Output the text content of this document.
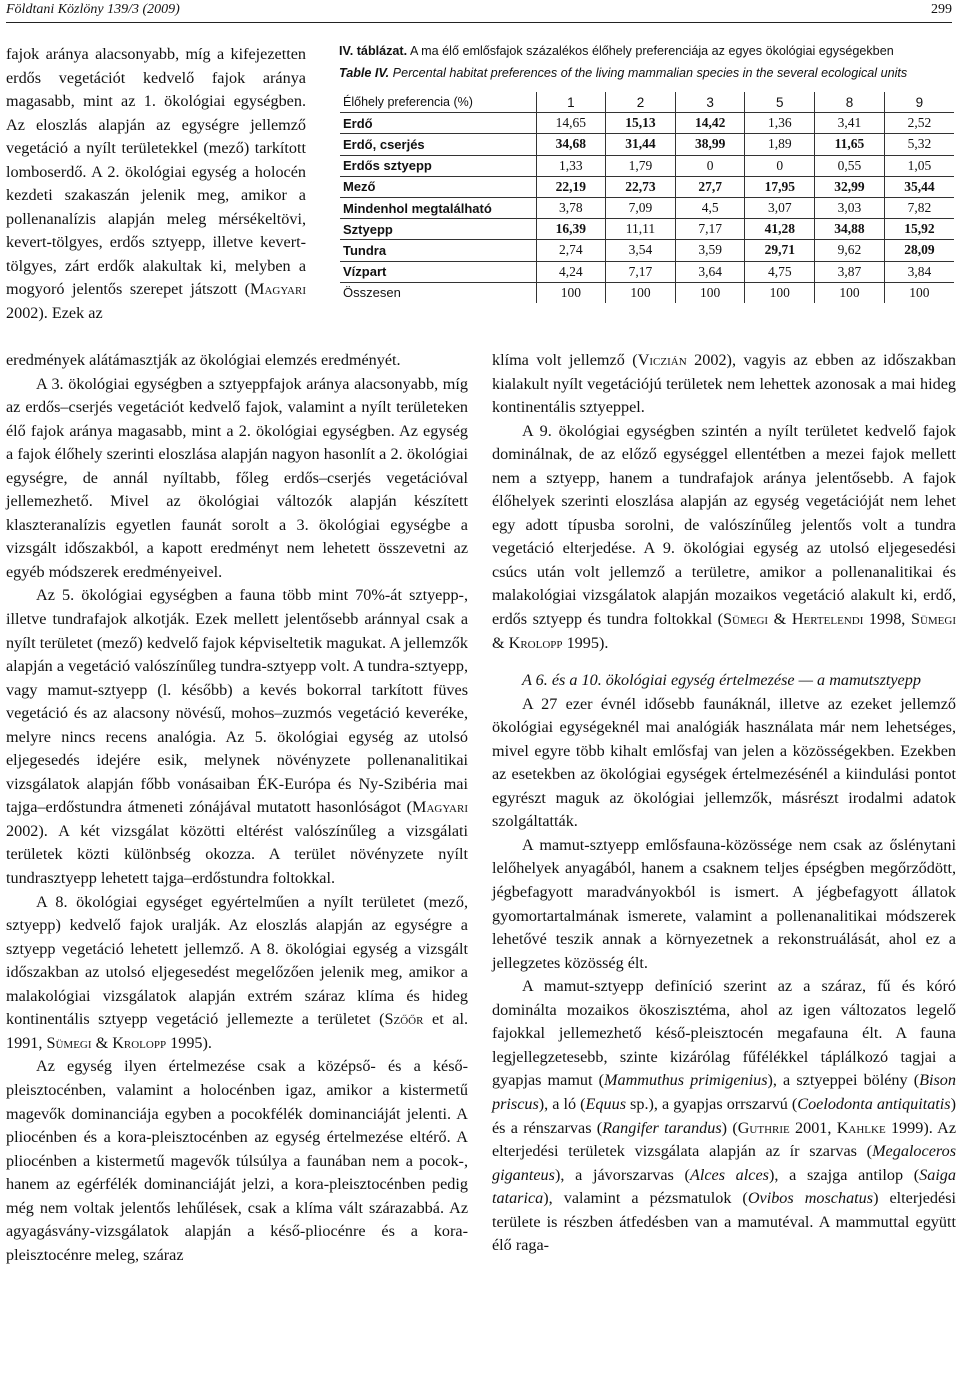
Földtani Közlöny 139/3 (2009)	299

fajok aránya alacsonyabb, míg a kifejezetten erdős vegetációt kedvelő fajok aránya magasabb, mint az 1. ökológiai egységben. Az eloszlás alapján az egységre jellemző vegetáció a nyílt területekkel (mező) tarkított lomboserdő. A 2. ökológiai egység a holocén kezdeti szakaszán jelenik meg, amikor a pollenanalízis alapján meleg mérsékeltövi, kevert-tölgyes, erdős sztyepp, illetve kevert-tölgyes, zárt erdők alakultak ki, melyben a mogyoró jelentős szerepet játszott (Magyari 2002). Ezek az

IV. táblázat. A ma élő emlősfajok százalékos élőhely preferenciája az egyes ökológiai egységekben
Table IV. Percental habitat preferences of the living mammalian species in the several ecological units
Élőhely preferencia (%)	1	2	3	5	8	9
Erdő	14,65	15,13	14,42	1,36	3,41	2,52
Erdő, cserjés	34,68	31,44	38,99	1,89	11,65	5,32
Erdős sztyepp	1,33	1,79	0	0	0,55	1,05
Mező	22,19	22,73	27,7	17,95	32,99	35,44
Mindenhol megtalálható	3,78	7,09	4,5	3,07	3,03	7,82
Sztyepp	16,39	11,11	7,17	41,28	34,88	15,92
Tundra	2,74	3,54	3,59	29,71	9,62	28,09
Vízpart	4,24	7,17	3,64	4,75	3,87	3,84
Összesen	100	100	100	100	100	100

eredmények alátámasztják az ökológiai elemzés eredményét.

A 3. ökológiai egységben a sztyeppfajok aránya alacsonyabb, míg az erdős–cserjés vegetációt kedvelő fajok, valamint a nyílt területeken élő fajok aránya magasabb, mint a 2. ökológiai egységben. Az egység a fajok élőhely szerinti eloszlása alapján nagyon hasonlít a 2. ökológiai egységre, de annál nyíltabb, főleg erdős–cserjés vegetációval jellemezhető. Mivel az ökológiai változók alapján készített klaszteranalízis egyetlen faunát sorolt a 3. ökológiai egységbe a vizsgált időszakból, a kapott eredményt nem lehetett összevetni az egyéb módszerek eredményeivel.

Az 5. ökológiai egységben a fauna több mint 70%-át sztyepp-, illetve tundrafajok alkotják. Ezek mellett jelentősebb aránnyal csak a nyílt területet (mező) kedvelő fajok képviseltetik magukat. A jellemzők alapján a vegetáció valószínűleg tundra-sztyepp volt. A tundra-sztyepp, vagy mamut-sztyepp (l. később) a kevés bokorral tarkított füves vegetáció és az alacsony növésű, mohos–zuzmós vegetáció keveréke, melyre nincs recens analógia. Az 5. ökológiai egység az utolsó eljegesedés idejére esik, melynek növényzete pollenanalitikai vizsgálatok alapján főbb vonásaiban ÉK-Európa és Ny-Szibéria mai tajga–erdőstundra átmeneti zónájával mutatott hasonlóságot (Magyari 2002). A két vizsgálat közötti eltérést valószínűleg a vizsgálati területek közti különbség okozza. A terület növényzete nyílt tundrasztyepp lehetett tajga–erdőstundra foltokkal.

A 8. ökológiai egységet egyértelműen a nyílt területet (mező, sztyepp) kedvelő fajok uralják. Az eloszlás alapján az egységre a sztyepp vegetáció lehetett jellemző. A 8. ökológiai egység a vizsgált időszakban az utolsó eljegesedést megelőzően jelenik meg, amikor a malakológiai vizsgálatok alapján extrém száraz klíma és hideg kontinentális sztyepp vegetáció jellemezte a területet (Szőőr et al. 1991, Sümegi & Krolopp 1995).

Az egység ilyen értelmezése csak a középső- és a késő-pleisztocénben, valamint a holocénben igaz, amikor a kistermetű magevők dominanciája egyben a pocokfélék dominanciáját jelenti. A pliocénben és a kora-pleisztocénben az egység értelmezése eltérő. A pliocénben a kistermetű magevők túlsúlya a faunában nem a pocok-, hanem az egérfélék dominanciáját jelzi, a kora-pleisztocénben pedig még nem voltak jelentős lehűlések, csak a klíma vált szárazabbá. Az agyagásvány-vizsgálatok alapján a késő-pliocénre és a kora-pleisztocénre meleg, száraz

klíma volt jellemző (Viczián 2002), vagyis az ebben az időszakban kialakult nyílt vegetációjú területek nem lehettek azonosak a mai hideg kontinentális sztyeppel.

A 9. ökológiai egységben szintén a nyílt területet kedvelő fajok dominálnak, de az előző egységgel ellentétben a mezei fajok mellett nem a sztyepp, hanem a tundrafajok aránya jelentősebb. A fajok élőhelyek szerinti eloszlása alapján az egység vegetációját nem lehet egy adott típusba sorolni, de valószínűleg jelentős volt a tundra vegetáció elterjedése. A 9. ökológiai egység az utolsó eljegesedési csúcs után volt jellemző a területre, amikor a pollenanalitikai és malakológiai vizsgálatok alapján mozaikos vegetáció alakult ki, erdő, erdős sztyepp és tundra foltokkal (Sümegi & Hertelendi 1998, Sümegi & Krolopp 1995).

A 6. és a 10. ökológiai egység értelmezése — a mamutsztyepp

A 27 ezer évnél idősebb faunáknál, illetve az ezeket jellemző ökológiai egységeknél mai analógiák használata már nem lehetséges, mivel egyre több kihalt emlősfaj van jelen a közösségekben. Ezekben az esetekben az ökológiai egységek értelmezésénél a kiindulási pontot egyrészt maguk az ökológiai jellemzők, másrészt irodalmi adatok szolgáltatták.

A mamut-sztyepp emlősfauna-közössége nem csak az őslénytani lelőhelyek anyagából, hanem a csaknem teljes épségben megőrződött, jégbefagyott maradványokból is ismert. A jégbefagyott állatok gyomortartalmának ismerete, valamint a pollenanalitikai módszerek lehetővé teszik annak a környezetnek a rekonstruálását, ahol ez a jellegzetes közösség élt.

A mamut-sztyepp definíció szerint az a száraz, fű és kóró dominálta mozaikos ökoszisztéma, ahol az igen változatos legelő fajokkal jellemezhető késő-pleisztocén megafauna élt. A fauna legjellegzetesebb, szinte kizárólag fűfélékkel táplálkozó tagjai a gyapjas mamut (Mammuthus primigenius), a sztyeppei bölény (Bison priscus), a ló (Equus sp.), a gyapjas orrszarvú (Coelodonta antiquitatis) és a rénszarvas (Rangifer tarandus) (Guthrie 2001, Kahlke 1999). Az elterjedési területek vizsgálata alapján az ír szarvas (Megaloceros giganteus), a jávorszarvas (Alces alces), a szajga antilop (Saiga tatarica), valamint a pézsmatulok (Ovibos moschatus) elterjedési területe is részben átfedésben van a mamutéval. A mammuttal együtt élő raga-
